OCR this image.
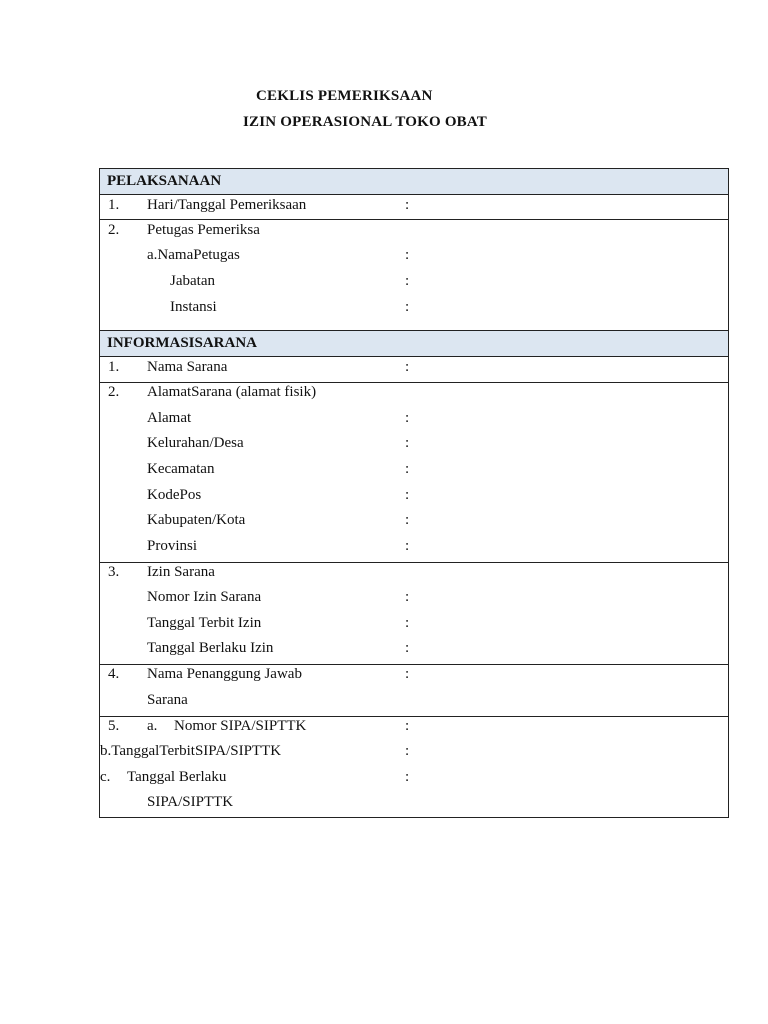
CEKLIS PEMERIKSAAN
IZIN OPERASIONAL TOKO OBAT
PELAKSANAAN
1. Hari/Tanggal Pemeriksaan	:
2. Petugas Pemeriksa
a.NamaPetugas	:
Jabatan	:
Instansi	:
INFORMASISARANA
1. Nama Sarana	:
2. AlamatSarana (alamat fisik)
Alamat	:
Kelurahan/Desa	:
Kecamatan	:
KodePos	:
Kabupaten/Kota	:
Provinsi	:
3. Izin Sarana
Nomor Izin Sarana	:
Tanggal Terbit Izin	:
Tanggal Berlaku Izin	:
4. Nama Penanggung Jawab	:
Sarana
5. a. Nomor SIPA/SIPTTK	:
b.TanggalTerbitSIPA/SIPTTK	:
c. Tanggal Berlaku	:
SIPA/SIPTTK
